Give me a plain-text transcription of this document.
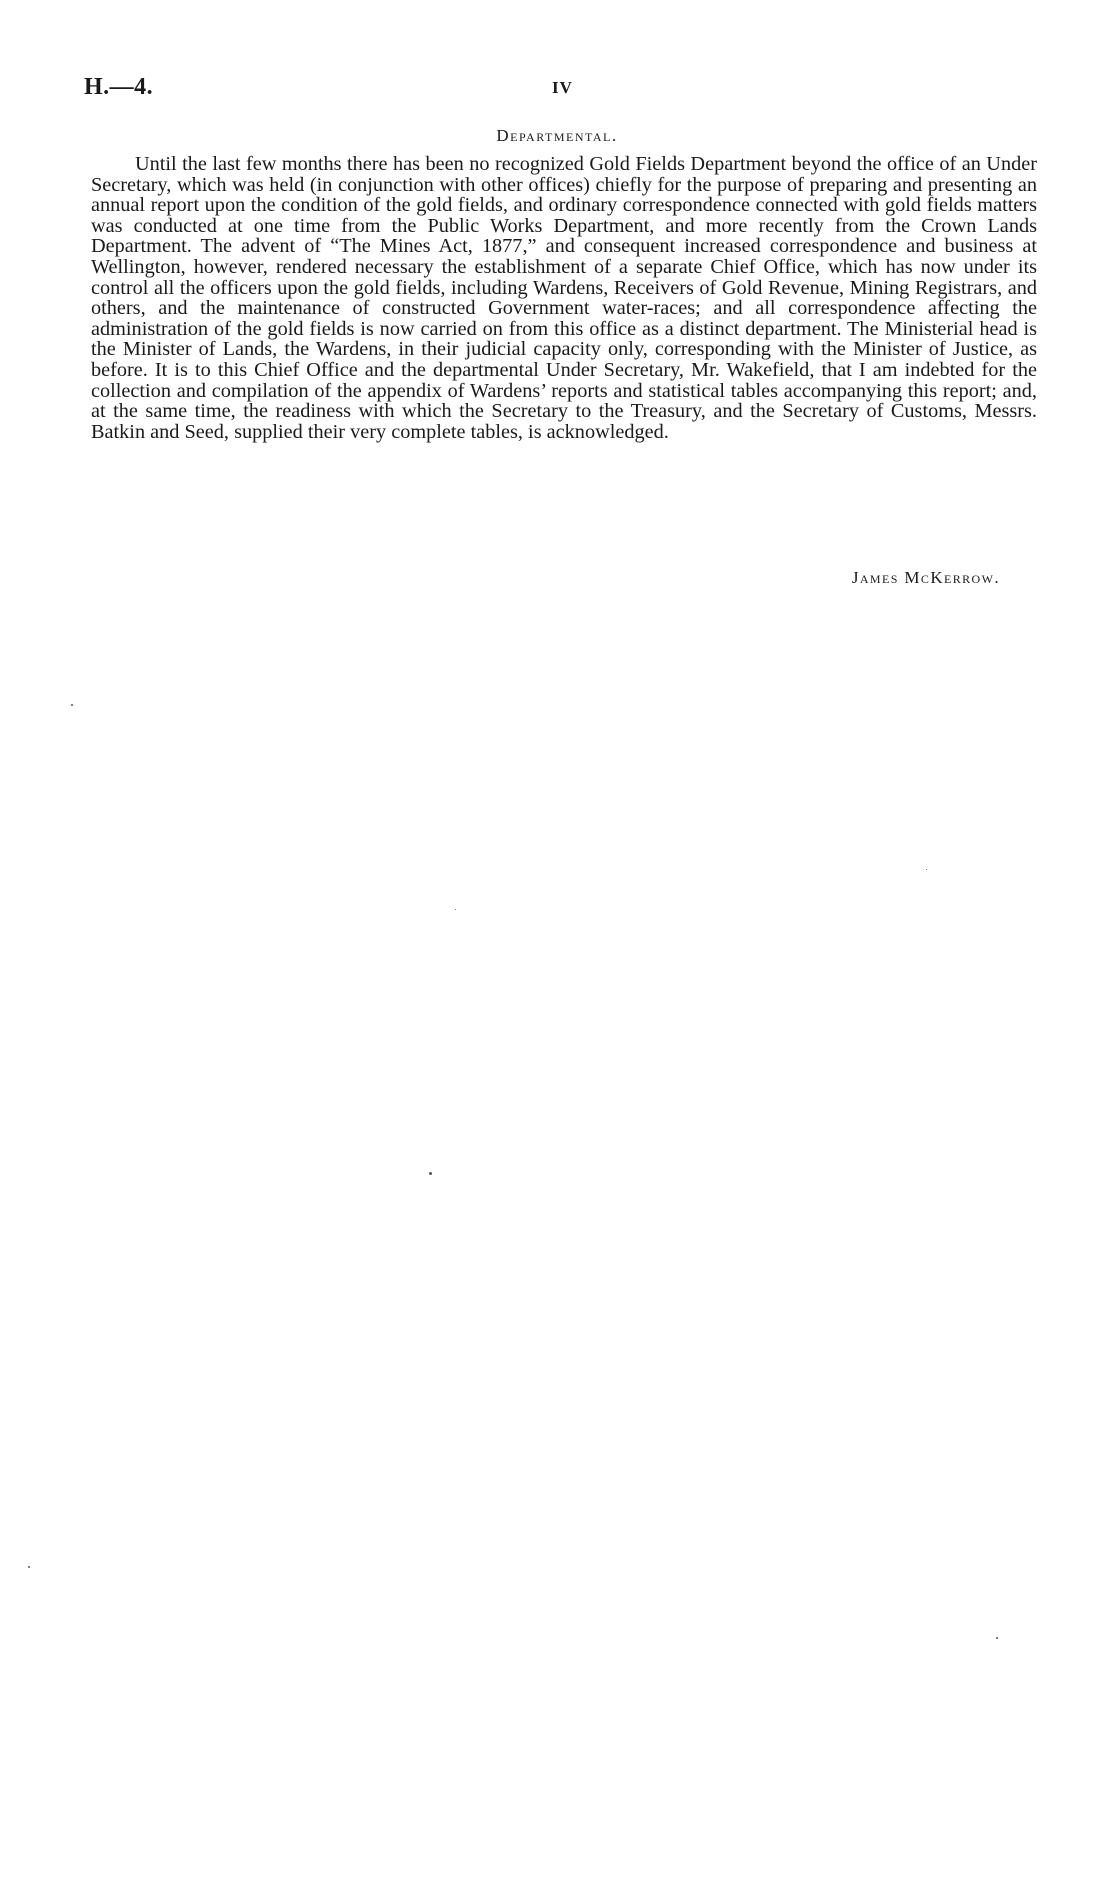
H.—4.	IV
Departmental.

Until the last few months there has been no recognized Gold Fields Department beyond the office of an Under Secretary, which was held (in conjunction with other offices) chiefly for the purpose of preparing and presenting an annual report upon the condition of the gold fields, and ordinary correspondence connected with gold fields matters was conducted at one time from the Public Works Department, and more recently from the Crown Lands Department. The advent of “The Mines Act, 1877,” and consequent increased correspondence and business at Wellington, however, rendered necessary the establishment of a separate Chief Office, which has now under its control all the officers upon the gold fields, including Wardens, Receivers of Gold Revenue, Mining Registrars, and others, and the maintenance of constructed Government water-races; and all correspondence affecting the administration of the gold fields is now carried on from this office as a distinct department. The Ministerial head is the Minister of Lands, the Wardens, in their judicial capacity only, corresponding with the Minister of Justice, as before. It is to this Chief Office and the departmental Under Secretary, Mr. Wakefield, that I am indebted for the collection and compilation of the appendix of Wardens’ reports and statistical tables accompanying this report; and, at the same time, the readiness with which the Secretary to the Treasury, and the Secretary of Customs, Messrs. Batkin and Seed, supplied their very complete tables, is acknowledged.

James McKerrow.
